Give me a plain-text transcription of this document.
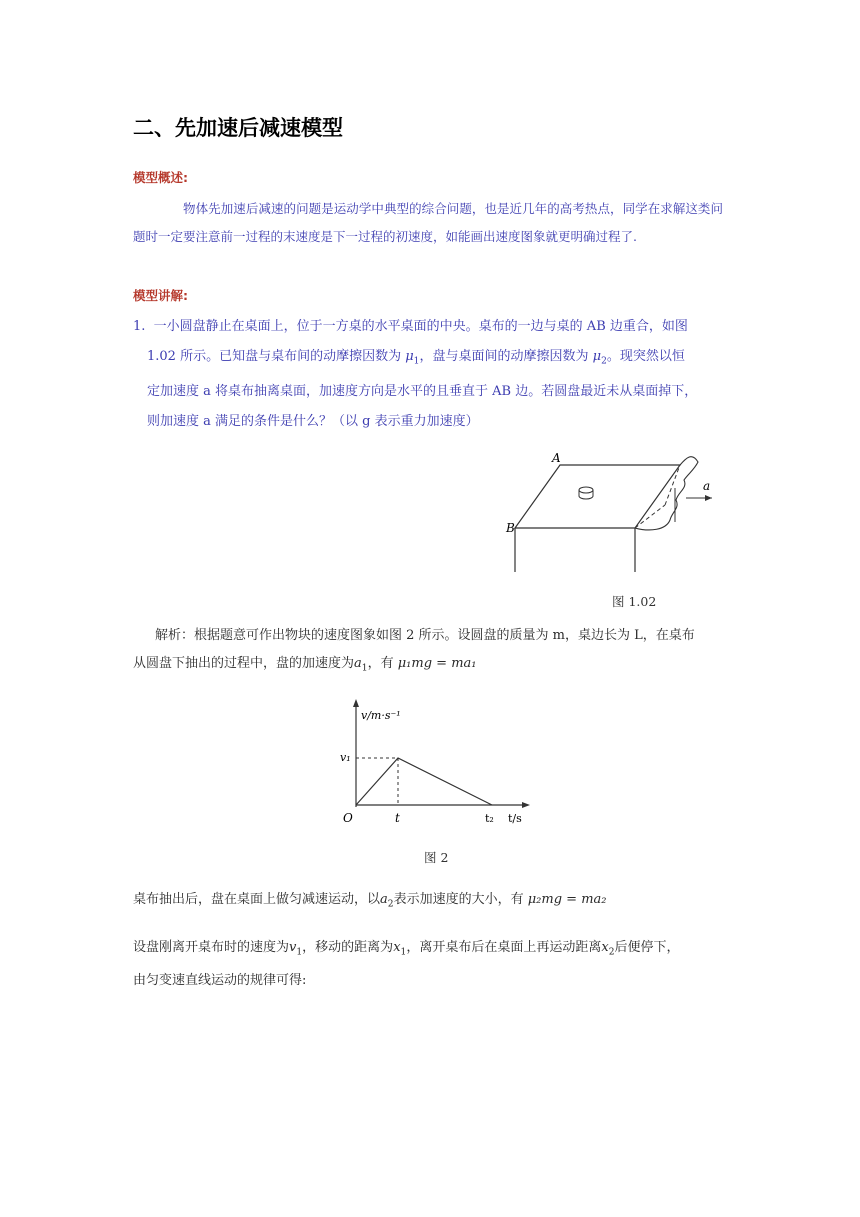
二、先加速后减速模型
模型概述:

物体先加速后减速的问题是运动学中典型的综合问题，也是近几年的高考热点，同学在求解这类问题时一定要注意前一过程的末速度是下一过程的初速度，如能画出速度图象就更明确过程了.

模型讲解:
1. 一小圆盘静止在桌面上，位于一方桌的水平桌面的中央。桌布的一边与桌的 AB 边重合，如图
1.02 所示。已知盘与桌布间的动摩擦因数为 $\mu_1$，盘与桌面间的动摩擦因数为 $\mu_2$。现突然以恒
定加速度 a 将桌布抽离桌面，加速度方向是水平的且垂直于 AB 边。若圆盘最近未从桌面掉下，
则加速度 a 满足的条件是什么？（以 g 表示重力加速度）
A
B
a
图 1.02
解析：根据题意可作出物块的速度图象如图 2 所示。设圆盘的质量为 m，桌边长为 L，在桌布
从圆盘下抽出的过程中，盘的加速度为$a_1$，有 μ₁mg = ma₁
v/m·s⁻¹
v₁
O	t	t₂ t/s
图 2
桌布抽出后，盘在桌面上做匀减速运动，以$a_2$表示加速度的大小，有 μ₂mg = ma₂
设盘刚离开桌布时的速度为$v_1$，移动的距离为$x_1$，离开桌布后在桌面上再运动距离$x_2$后便停下，
由匀变速直线运动的规律可得:
